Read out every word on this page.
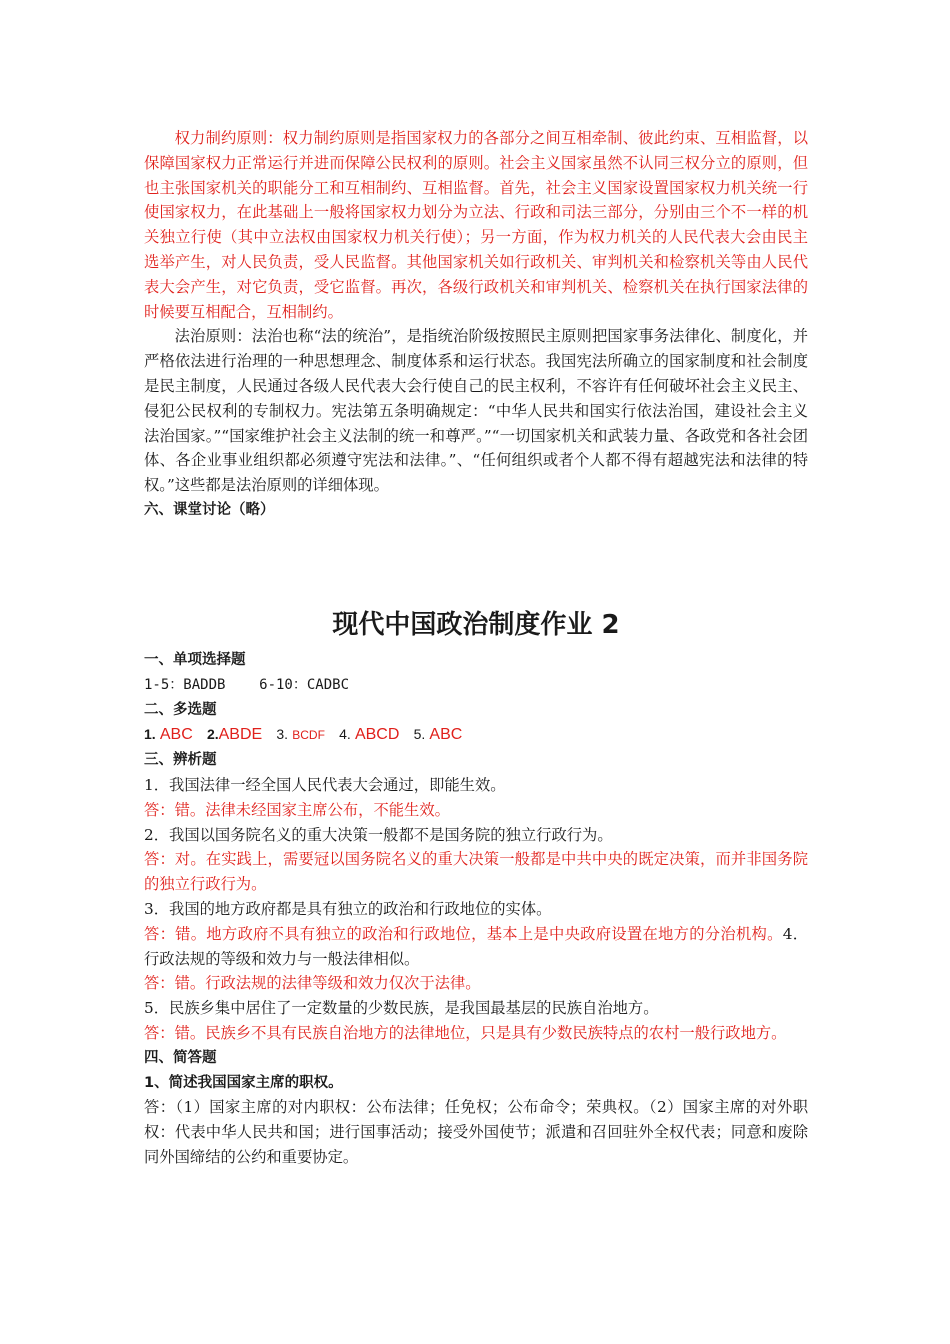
权力制约原则：权力制约原则是指国家权力的各部分之间互相牵制、彼此约束、互相监督，以保障国家权力正常运行并进而保障公民权利的原则。社会主义国家虽然不认同三权分立的原则，但也主张国家机关的职能分工和互相制约、互相监督。首先，社会主义国家设置国家权力机关统一行使国家权力，在此基础上一般将国家权力划分为立法、行政和司法三部分，分别由三个不一样的机关独立行使（其中立法权由国家权力机关行使）；另一方面，作为权力机关的人民代表大会由民主选举产生，对人民负责，受人民监督。其他国家机关如行政机关、审判机关和检察机关等由人民代表大会产生，对它负责，受它监督。再次，各级行政机关和审判机关、检察机关在执行国家法律的时候要互相配合，互相制约。

法治原则：法治也称“法的统治”，是指统治阶级按照民主原则把国家事务法律化、制度化，并严格依法进行治理的一种思想理念、制度体系和运行状态。我国宪法所确立的国家制度和社会制度是民主制度，人民通过各级人民代表大会行使自己的民主权利，不容许有任何破坏社会主义民主、侵犯公民权利的专制权力。宪法第五条明确规定：“中华人民共和国实行依法治国，建设社会主义法治国家。”“国家维护社会主义法制的统一和尊严。”“一切国家机关和武装力量、各政党和各社会团体、各企业事业组织都必须遵守宪法和法律。”、“任何组织或者个人都不得有超越宪法和法律的特权。”这些都是法治原则的详细体现。

六、课堂讨论（略）

现代中国政治制度作业 2

一、单项选择题

1-5：BADDB    6-10：CADBC

二、多选题

1. ABC 2.ABDE 3. BCDF 4. ABCD 5. ABC

三、辨析题

1．我国法律一经全国人民代表大会通过，即能生效。

答：错。法律未经国家主席公布，不能生效。

2．我国以国务院名义的重大决策一般都不是国务院的独立行政行为。

答：对。在实践上，需要冠以国务院名义的重大决策一般都是中共中央的既定决策，而并非国务院的独立行政行为。

3．我国的地方政府都是具有独立的政治和行政地位的实体。

答：错。地方政府不具有独立的政治和行政地位，基本上是中央政府设置在地方的分治机构。4．行政法规的等级和效力与一般法律相似。

答：错。行政法规的法律等级和效力仅次于法律。

5．民族乡集中居住了一定数量的少数民族，是我国最基层的民族自治地方。

答：错。民族乡不具有民族自治地方的法律地位，只是具有少数民族特点的农村一般行政地方。

四、简答题

1、简述我国国家主席的职权。

答：（1）国家主席的对内职权：公布法律；任免权；公布命令；荣典权。（2）国家主席的对外职权：代表中华人民共和国；进行国事活动；接受外国使节；派遣和召回驻外全权代表；同意和废除同外国缔结的公约和重要协定。
